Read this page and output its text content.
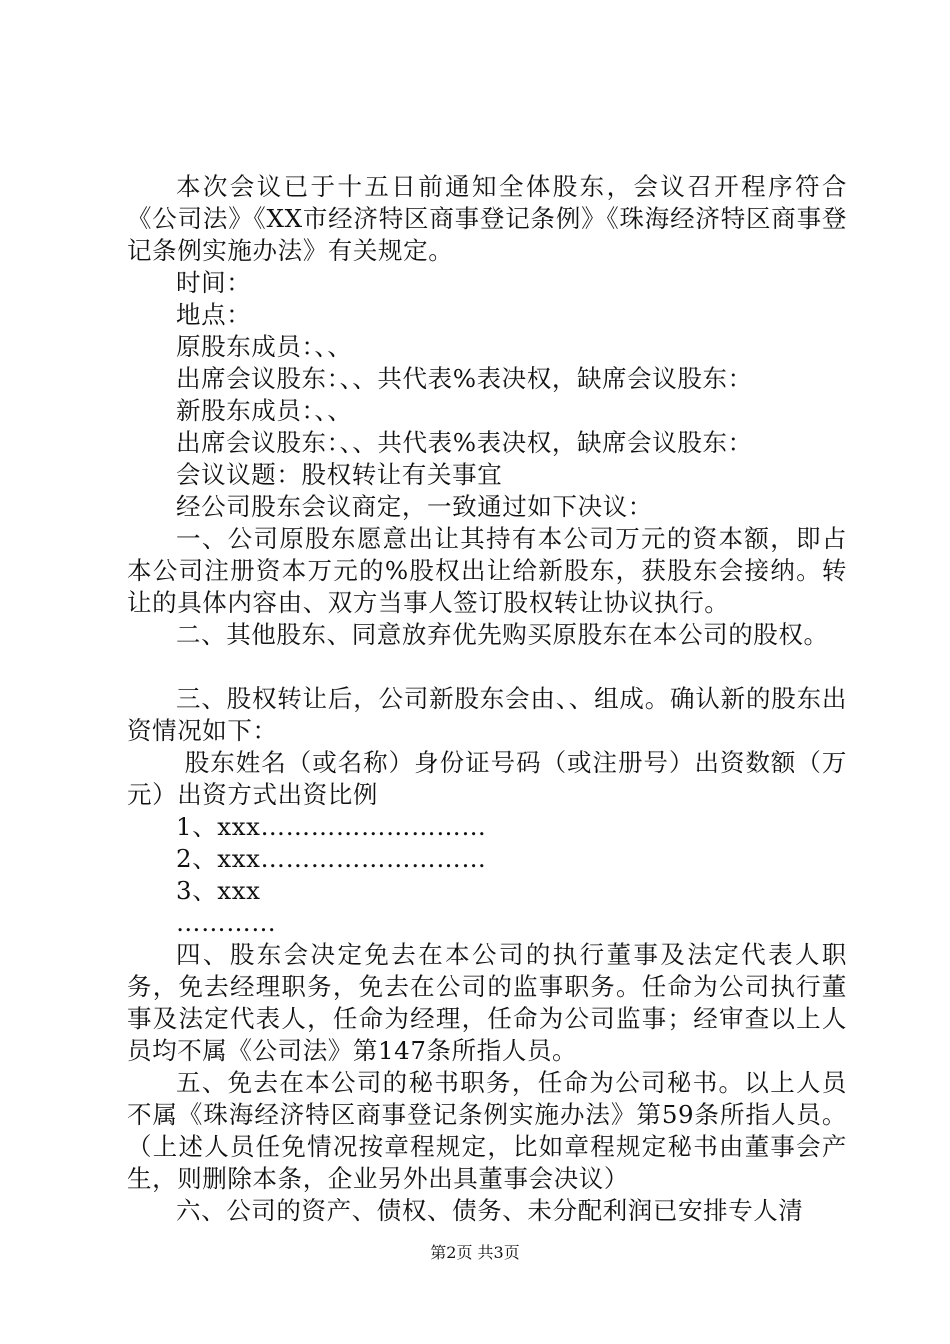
本次会议已于十五日前通知全体股东，会议召开程序符合《公司法》《XX市经济特区商事登记条例》《珠海经济特区商事登记条例实施办法》有关规定。

时间：

地点：

原股东成员：、、

出席会议股东：、、共代表%表决权，缺席会议股东：

新股东成员：、、

出席会议股东：、、共代表%表决权，缺席会议股东：

会议议题：股权转让有关事宜

经公司股东会议商定，一致通过如下决议：

一、公司原股东愿意出让其持有本公司万元的资本额，即占本公司注册资本万元的%股权出让给新股东，获股东会接纳。转让的具体内容由、双方当事人签订股权转让协议执行。

二、其他股东、同意放弃优先购买原股东在本公司的股权。

三、股权转让后，公司新股东会由、、组成。确认新的股东出资情况如下：

股东姓名（或名称）身份证号码（或注册号）出资数额（万元）出资方式出资比例

1、xxx………………………

2、xxx………………………

3、xxx

…………

四、股东会决定免去在本公司的执行董事及法定代表人职务，免去经理职务，免去在公司的监事职务。任命为公司执行董事及法定代表人，任命为经理，任命为公司监事；经审查以上人员均不属《公司法》第147条所指人员。

五、免去在本公司的秘书职务，任命为公司秘书。以上人员不属《珠海经济特区商事登记条例实施办法》第59条所指人员。（上述人员任免情况按章程规定，比如章程规定秘书由董事会产生，则删除本条，企业另外出具董事会决议）

六、公司的资产、债权、债务、未分配利润已安排专人清

第2页 共3页
